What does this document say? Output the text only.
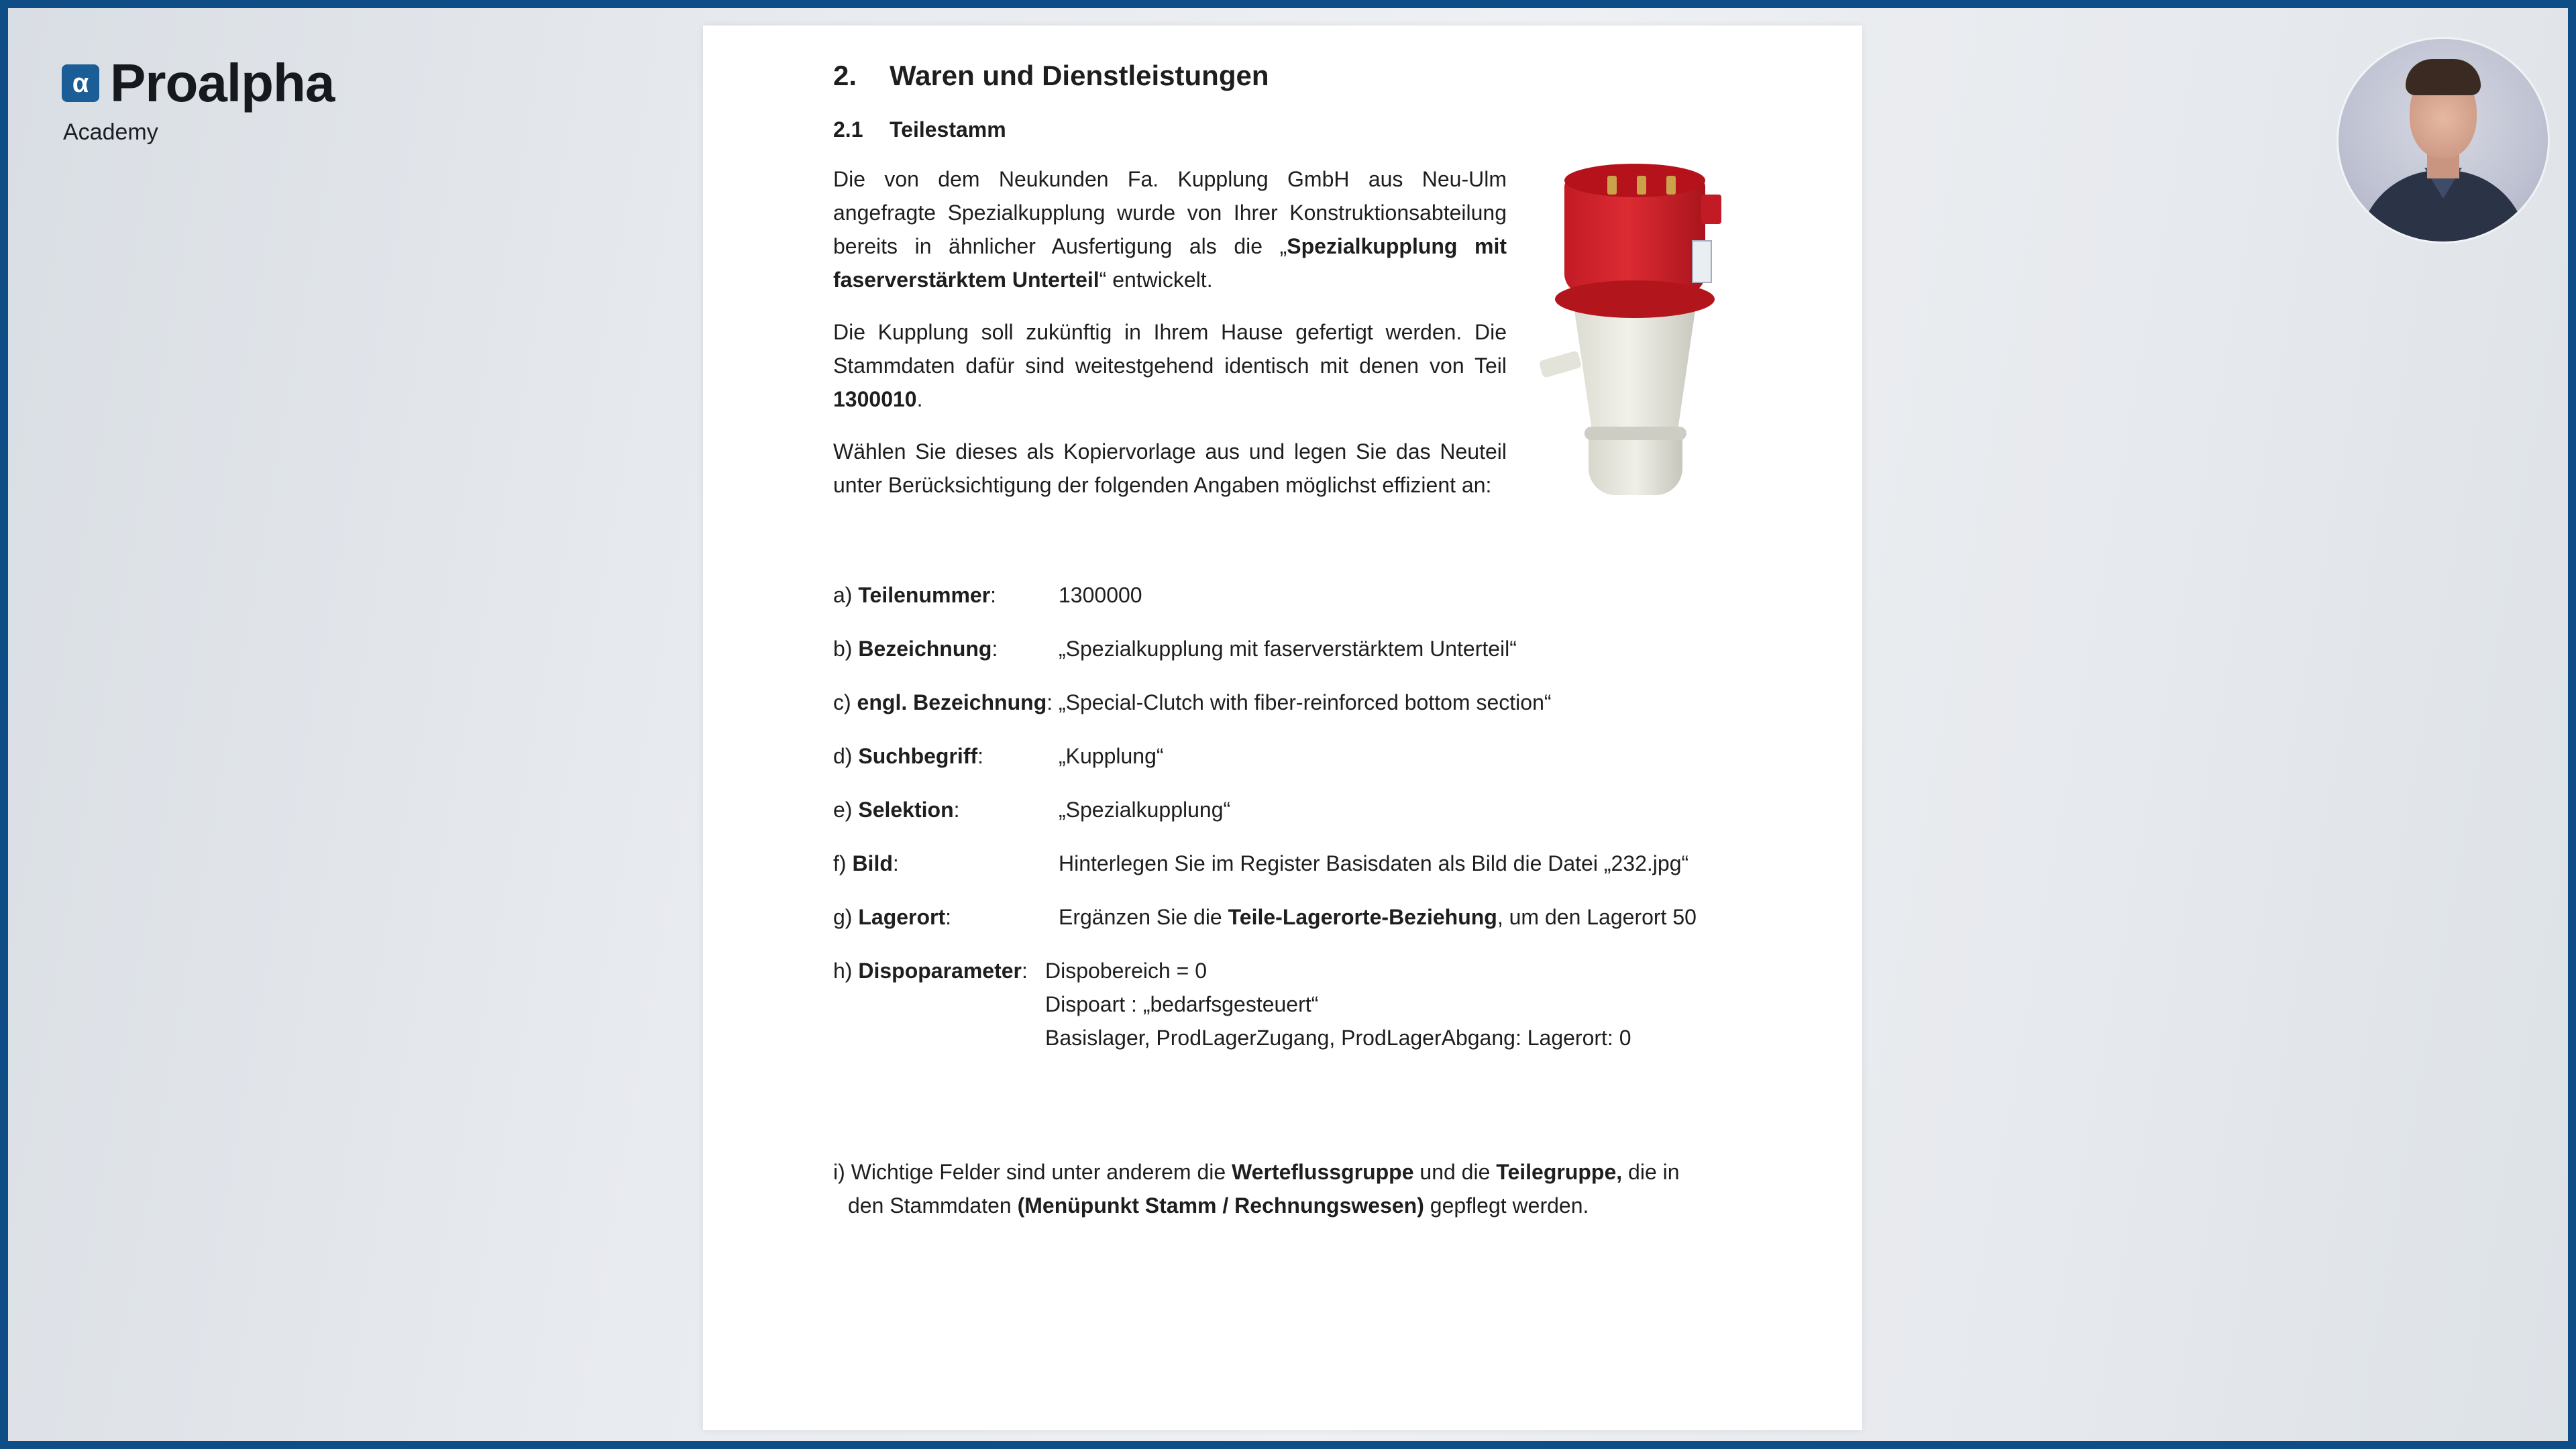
α Proalpha
Academy
2.	Waren und Dienstleistungen
2.1	Teilestamm

Die von dem Neukunden Fa. Kupplung GmbH aus Neu-Ulm angefragte Spezialkupplung wurde von Ihrer Konstruktionsabteilung bereits in ähnlicher Ausfertigung als die „Spezialkupplung mit faserverstärktem Unterteil“ entwickelt.

Die Kupplung soll zukünftig in Ihrem Hause gefertigt werden. Die Stammdaten dafür sind weitestgehend identisch mit denen von Teil 1300010.

Wählen Sie dieses als Kopiervorlage aus und legen Sie das Neuteil unter Berücksichtigung der folgenden Angaben möglichst effizient an:

a) Teilenummer:	1300000
b) Bezeichnung:	„Spezialkupplung mit faserverstärktem Unterteil“
c) engl. Bezeichnung: „Special-Clutch with fiber-reinforced bottom section“
d) Suchbegriff:	„Kupplung“
e) Selektion:	„Spezialkupplung“
f) Bild:	Hinterlegen Sie im Register Basisdaten als Bild die Datei „232.jpg“
g) Lagerort:	Ergänzen Sie die Teile-Lagerorte-Beziehung, um den Lagerort 50
h) Dispoparameter: Dispobereich = 0
Dispoart : „bedarfsgesteuert“
Basislager, ProdLagerZugang, ProdLagerAbgang: Lagerort: 0
i) Wichtige Felder sind unter anderem die Werteflussgruppe und die Teilegruppe, die in
den Stammdaten (Menüpunkt Stamm / Rechnungswesen) gepflegt werden.
